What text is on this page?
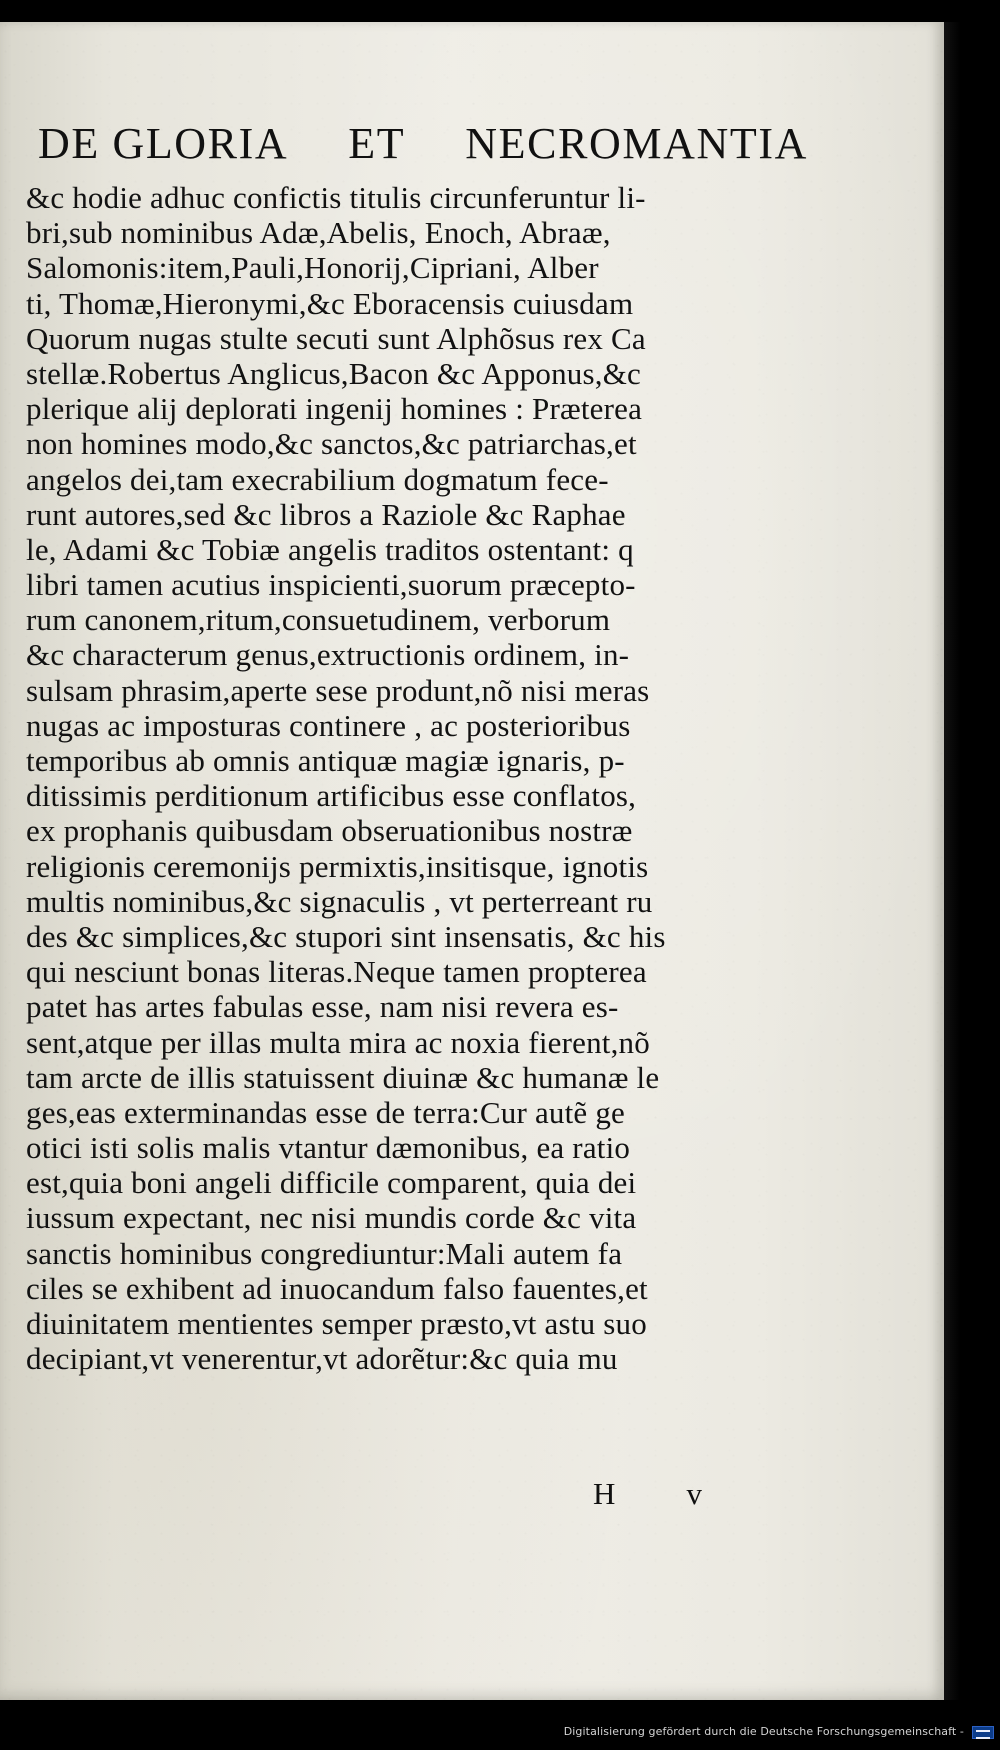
DE GLORIA ET NECROMANTIA
&c hodie adhuc confictis titulis circunferuntur li-
bri,sub nominibus Adæ,Abelis, Enoch, Abraæ,
Salomonis:item,Pauli,Honorij,Cipriani, Alber
ti, Thomæ,Hieronymi,&c Eboracensis cuiusdam
Quorum nugas stulte secuti sunt Alphõsus rex Ca
stellæ.Robertus Anglicus,Bacon &c Apponus,&c
plerique alij deplorati ingenij homines : Præterea
non homines modo,&c sanctos,&c patriarchas,et
angelos dei,tam execrabilium dogmatum fece-
runt autores,sed &c libros a Raziole &c Raphae
le, Adami &c Tobiæ angelis traditos ostentant: q
libri tamen acutius inspicienti,suorum præcepto-
rum canonem,ritum,consuetudinem, verborum
&c characterum genus,extructionis ordinem, in-
sulsam phrasim,aperte sese produnt,nõ nisi meras
nugas ac imposturas continere , ac posterioribus
temporibus ab omnis antiquæ magiæ ignaris, p-
ditissimis perditionum artificibus esse conflatos,
ex prophanis quibusdam obseruationibus nostræ
religionis ceremonijs permixtis,insitisque, ignotis
multis nominibus,&c signaculis , vt perterreant ru
des &c simplices,&c stupori sint insensatis, &c his
qui nesciunt bonas literas.Neque tamen propterea
patet has artes fabulas esse, nam nisi revera es-
sent,atque per illas multa mira ac noxia fierent,nõ
tam arcte de illis statuissent diuinæ &c humanæ le
ges,eas exterminandas esse de terra:Cur autẽ ge
otici isti solis malis vtantur dæmonibus, ea ratio
est,quia boni angeli difficile comparent, quia dei
iussum expectant, nec nisi mundis corde &c vita
sanctis hominibus congrediuntur:Mali autem fa
ciles se exhibent ad inuocandum falso fauentes,et
diuinitatem mentientes semper præsto,vt astu suo
decipiant,vt venerentur,vt adorẽtur:&c quia mu
H v
Digitalisierung gefördert durch die Deutsche Forschungsgemeinschaft -
